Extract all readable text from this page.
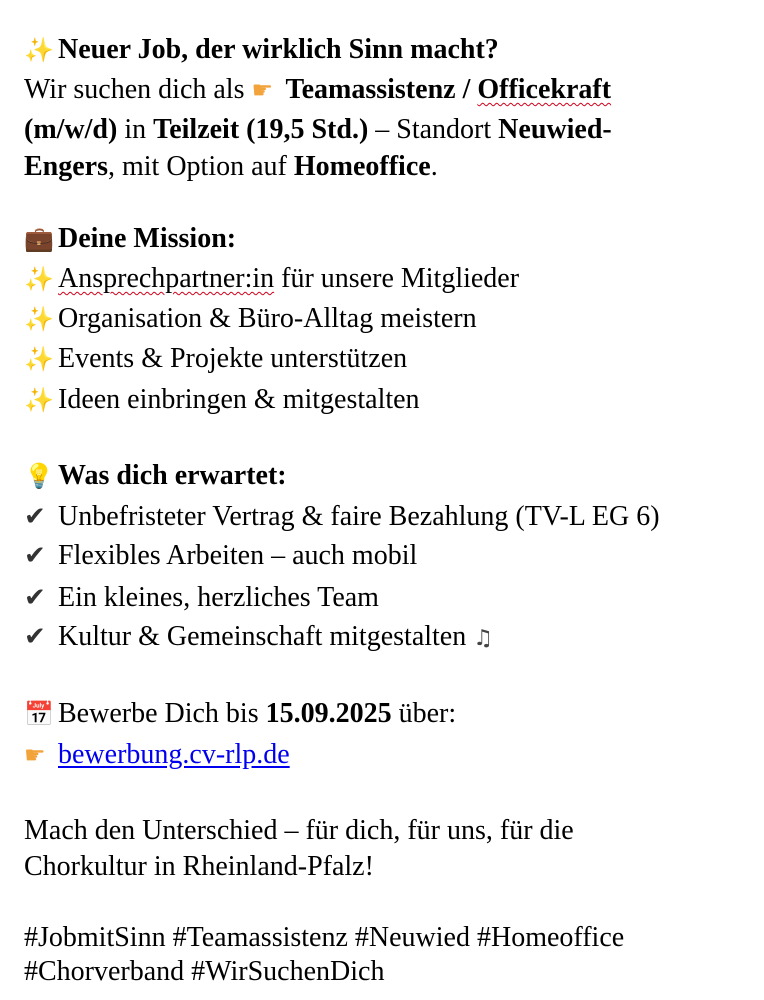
✨ Neuer Job, der wirklich Sinn macht?
Wir suchen dich als ☛ Teamassistenz / Officekraft
(m/w/d) in Teilzeit (19,5 Std.) – Standort Neuwied-
Engers, mit Option auf Homeoffice.
💼 Deine Mission:
✨ Ansprechpartner:in für unsere Mitglieder
✨ Organisation & Büro-Alltag meistern
✨ Events & Projekte unterstützen
✨ Ideen einbringen & mitgestalten
💡 Was dich erwartet:
✔ Unbefristeter Vertrag & faire Bezahlung (TV-L EG 6)
✔ Flexibles Arbeiten – auch mobil
✔ Ein kleines, herzliches Team
✔ Kultur & Gemeinschaft mitgestalten ♫
📅 Bewerbe Dich bis 15.09.2025 über:
☛ bewerbung.cv-rlp.de
Mach den Unterschied – für dich, für uns, für die
Chorkultur in Rheinland-Pfalz!
#JobmitSinn #Teamassistenz #Neuwied #Homeoffice
#Chorverband #WirSuchenDich
